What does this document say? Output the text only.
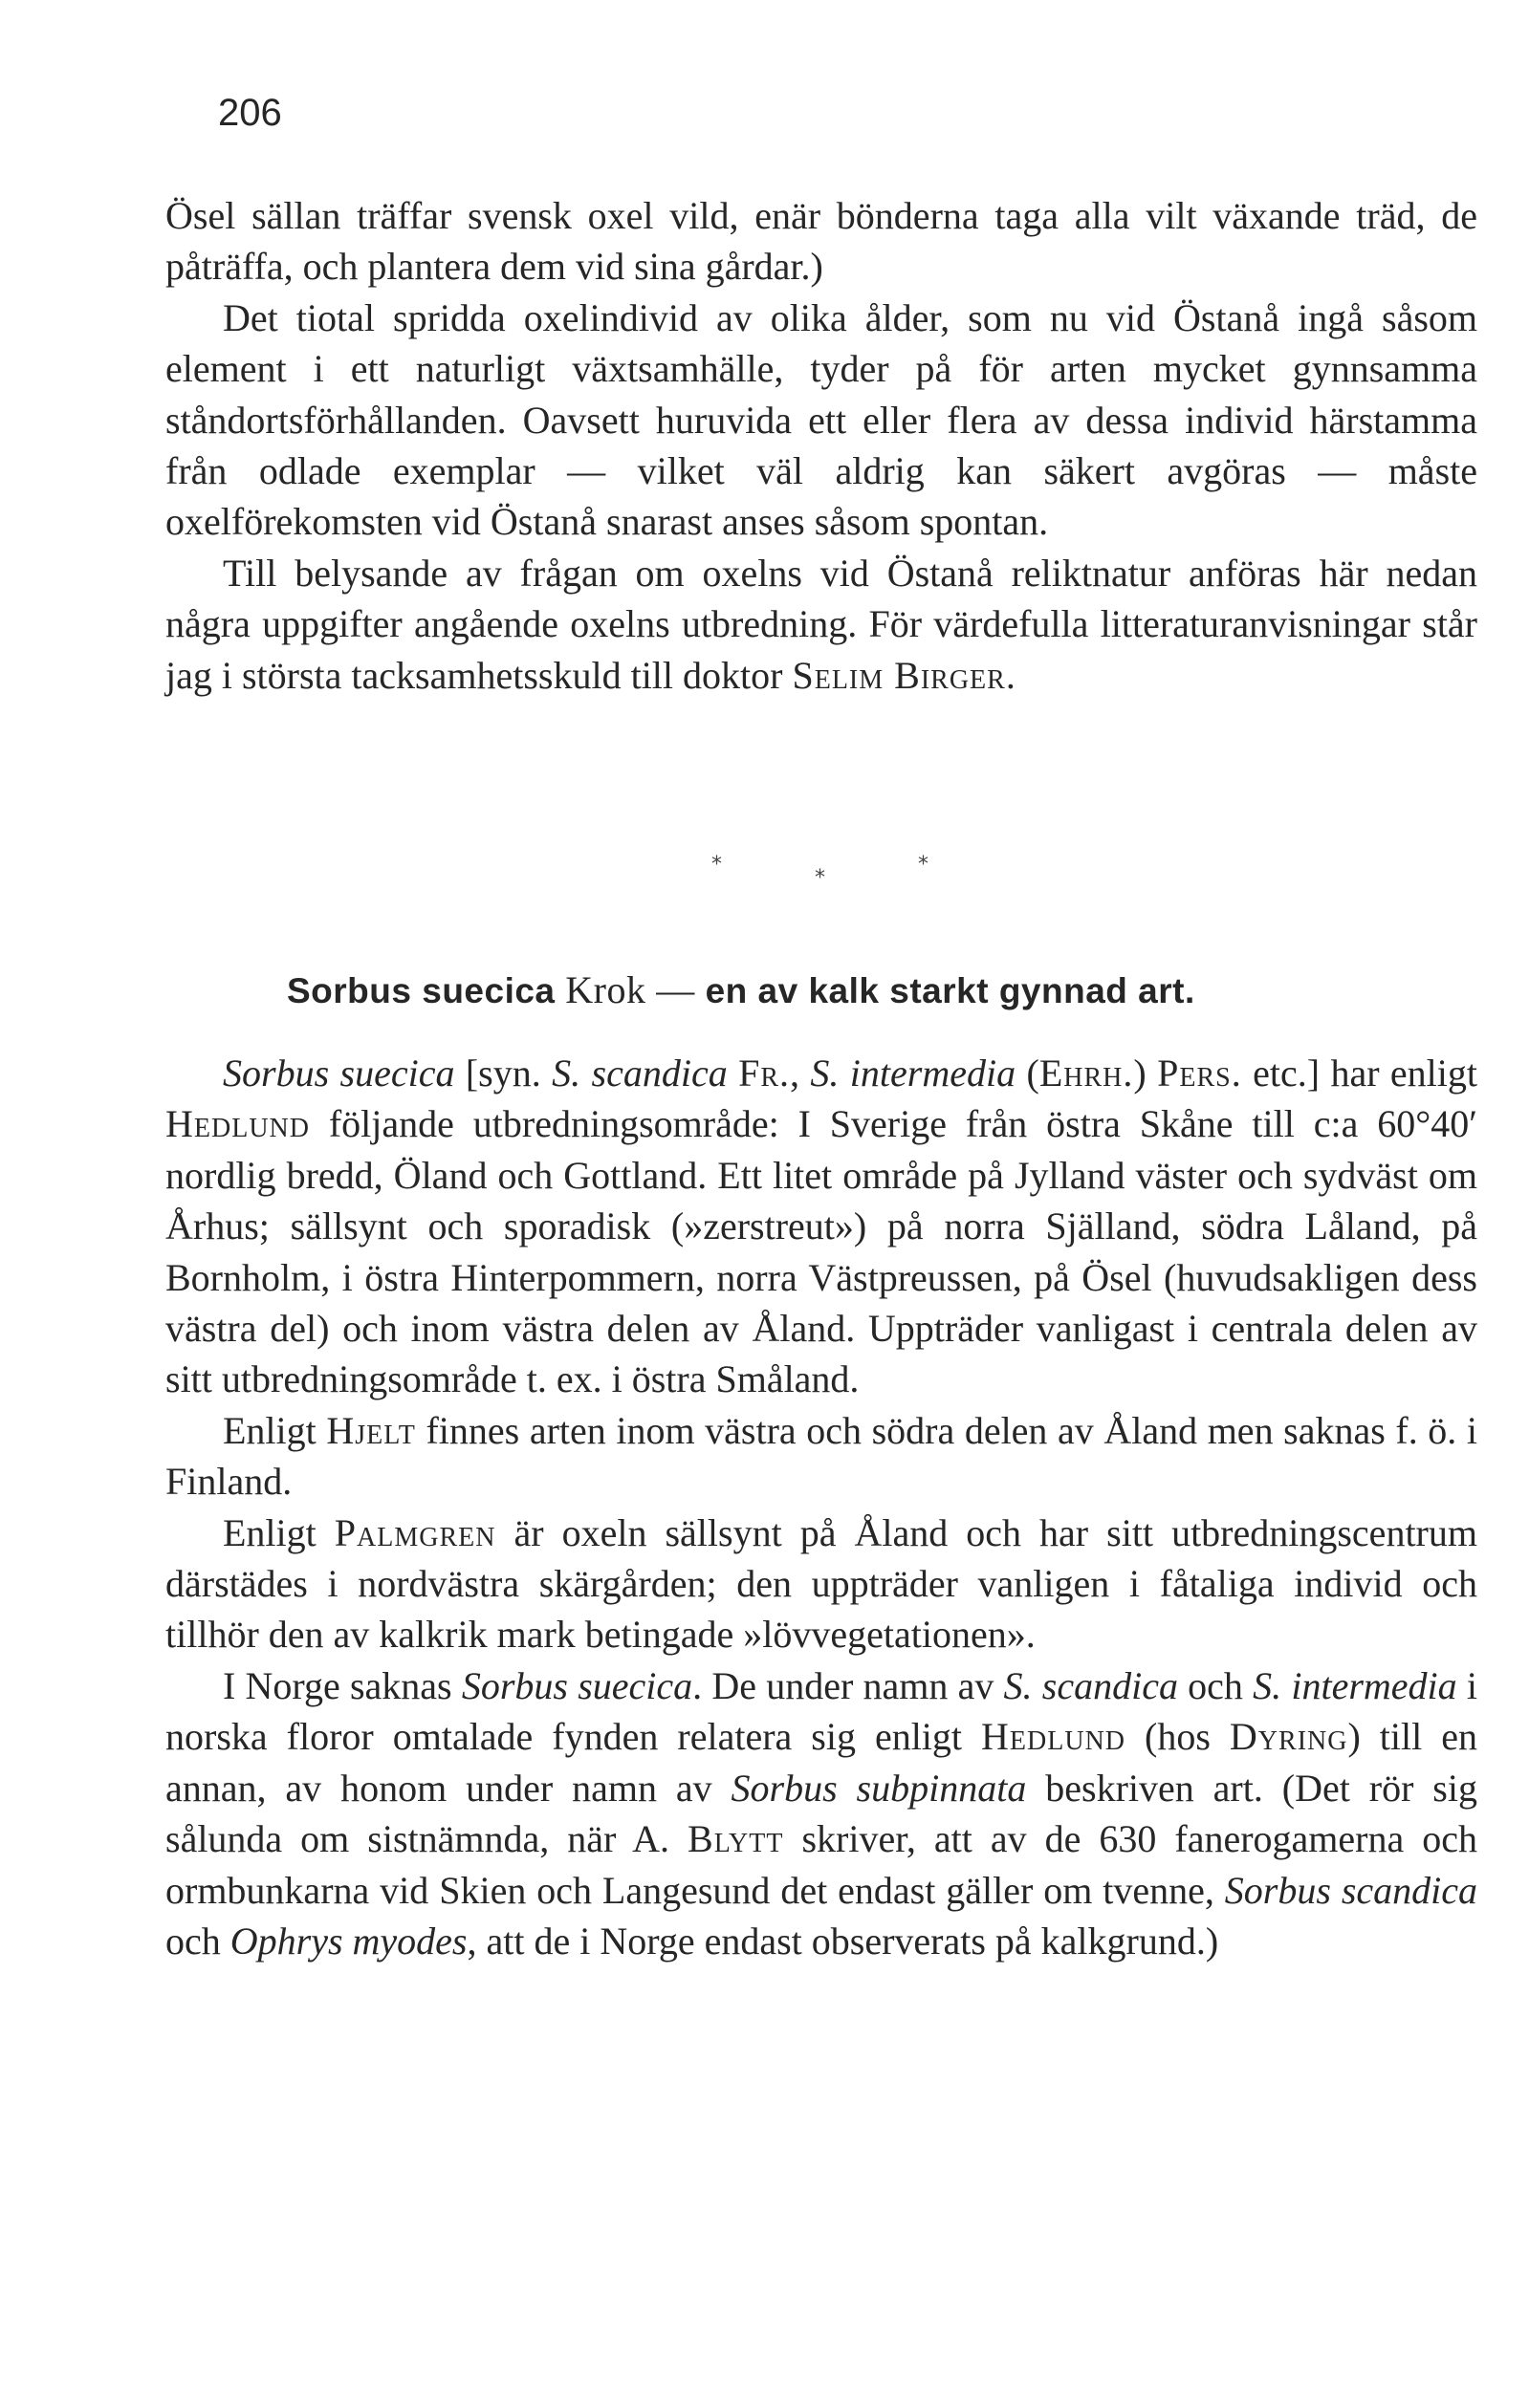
206

Ösel sällan träffar svensk oxel vild, enär bönderna taga alla vilt växande träd, de påträffa, och plantera dem vid sina gårdar.)

Det tiotal spridda oxelindivid av olika ålder, som nu vid Östanå ingå såsom element i ett naturligt växtsamhälle, tyder på för arten mycket gynnsamma ståndortsförhållanden. Oavsett huruvida ett eller flera av dessa individ härstamma från odlade exemplar — vilket väl aldrig kan säkert avgöras — måste oxelförekomsten vid Östanå snarast anses såsom spontan.

Till belysande av frågan om oxelns vid Östanå reliktnatur anföras här nedan några uppgifter angående oxelns utbredning. För värdefulla litteraturanvisningar står jag i största tacksamhetsskuld till doktor Selim Birger.

*
*
*
Sorbus suecica Krok — en av kalk starkt gynnad art.

Sorbus suecica [syn. S. scandica Fr., S. intermedia (Ehrh.) Pers. etc.] har enligt Hedlund följande utbredningsområde: I Sverige från östra Skåne till c:a 60°40′ nordlig bredd, Öland och Gottland. Ett litet område på Jylland väster och sydväst om Århus; sällsynt och sporadisk (»zerstreut») på norra Själland, södra Låland, på Bornholm, i östra Hinterpommern, norra Västpreussen, på Ösel (huvudsakligen dess västra del) och inom västra delen av Åland. Uppträder vanligast i centrala delen av sitt utbredningsområde t. ex. i östra Småland.

Enligt Hjelt finnes arten inom västra och södra delen av Åland men saknas f. ö. i Finland.

Enligt Palmgren är oxeln sällsynt på Åland och har sitt utbredningscentrum därstädes i nordvästra skärgården; den uppträder vanligen i fåtaliga individ och tillhör den av kalkrik mark betingade »lövvegetationen».

I Norge saknas Sorbus suecica. De under namn av S. scandica och S. intermedia i norska floror omtalade fynden relatera sig enligt Hedlund (hos Dyring) till en annan, av honom under namn av Sorbus subpinnata beskriven art. (Det rör sig sålunda om sistnämnda, när A. Blytt skriver, att av de 630 fanerogamerna och ormbunkarna vid Skien och Langesund det endast gäller om tvenne, Sorbus scandica och Ophrys myodes, att de i Norge endast observerats på kalkgrund.)
